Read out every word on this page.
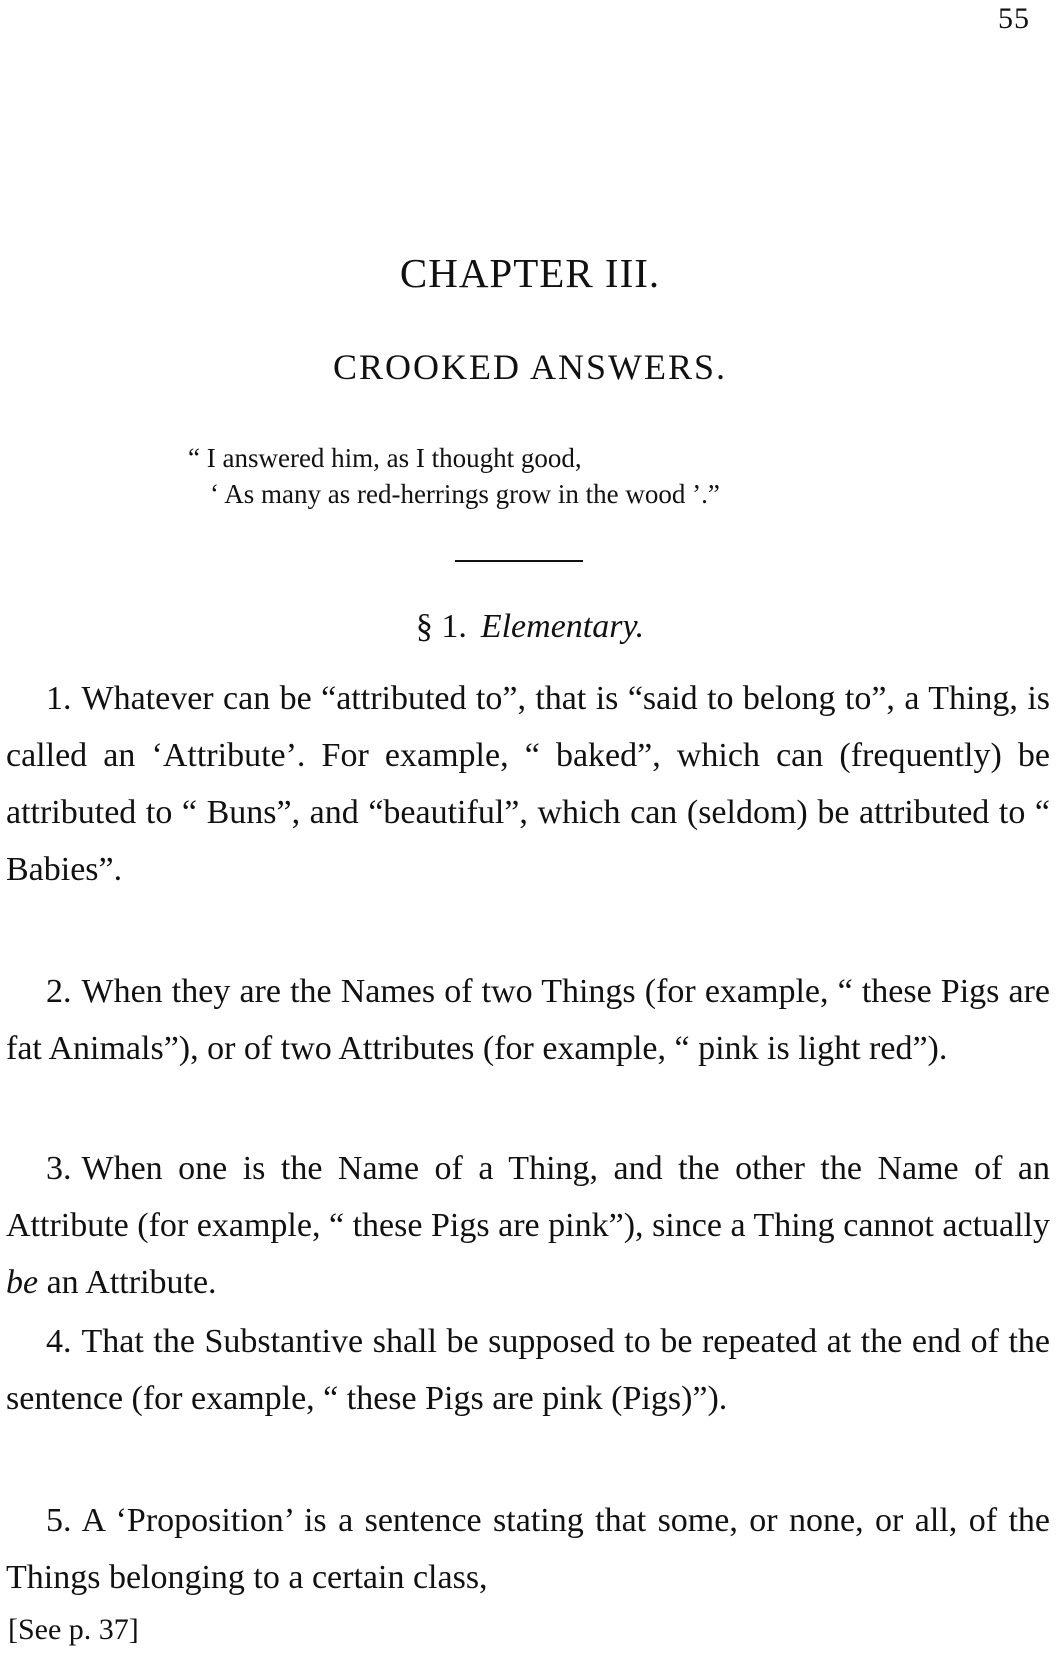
55
CHAPTER III.
CROOKED ANSWERS.
“ I answered him, as I thought good,
‘ As many as red-herrings grow in the wood ’.”
§ 1. Elementary.
1. Whatever can be “attributed to”, that is “said to belong to”, a Thing, is called an ‘Attribute’. For example, “ baked”, which can (frequently) be attributed to “ Buns”, and “beautiful”, which can (seldom) be attributed to “ Babies”.
2. When they are the Names of two Things (for example, “ these Pigs are fat Animals”), or of two Attributes (for example, “ pink is light red”).
3. When one is the Name of a Thing, and the other the Name of an Attribute (for example, “ these Pigs are pink”), since a Thing cannot actually be an Attribute.
4. That the Substantive shall be supposed to be repeated at the end of the sentence (for example, “ these Pigs are pink (Pigs)”).
5. A ‘Proposition’ is a sentence stating that some, or none, or all, of the Things belonging to a certain class,
[See p. 37]
